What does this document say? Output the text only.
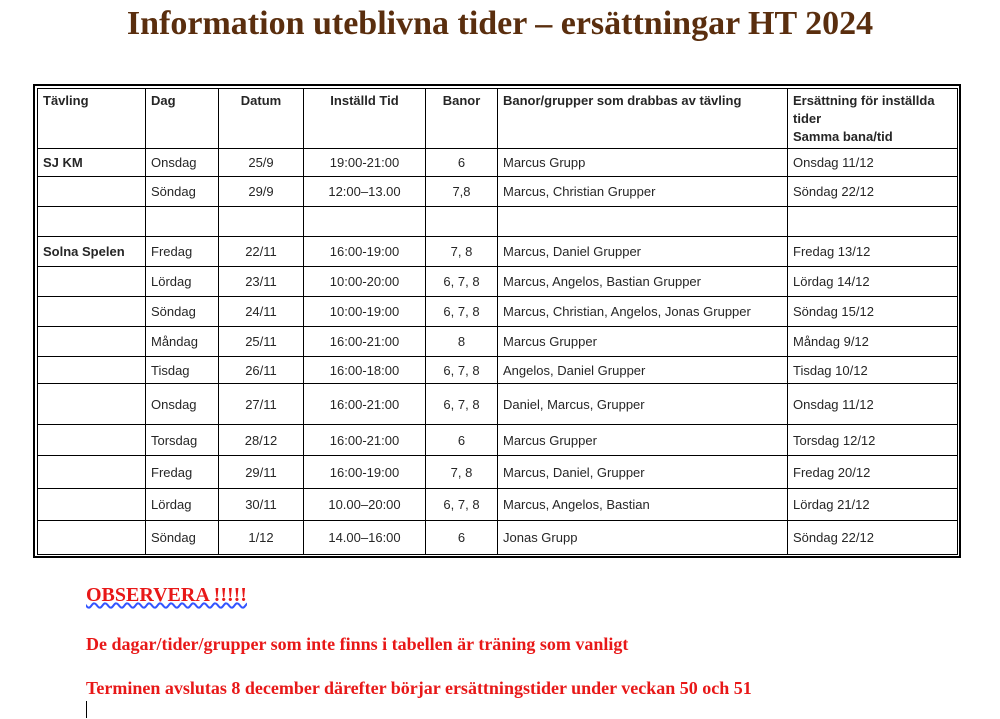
Information uteblivna tider – ersättningar HT 2024
Tävling	Dag	Datum	Inställd Tid	Banor	Banor/grupper som drabbas av tävling	Ersättning för inställda tider
Samma bana/tid

SJ KM	Onsdag	25/9	19:00-21:00	6	Marcus Grupp	Onsdag 11/12
	Söndag	29/9	12:00–13.00	7,8	Marcus, Christian Grupper	Söndag 22/12

Solna Spelen	Fredag	22/11	16:00-19:00	7, 8	Marcus, Daniel Grupper	Fredag 13/12
	Lördag	23/11	10:00-20:00	6, 7, 8	Marcus, Angelos, Bastian Grupper	Lördag 14/12
	Söndag	24/11	10:00-19:00	6, 7, 8	Marcus, Christian, Angelos, Jonas Grupper	Söndag 15/12
	Måndag	25/11	16:00-21:00	8	Marcus Grupper	Måndag 9/12
	Tisdag	26/11	16:00-18:00	6, 7, 8	Angelos, Daniel Grupper	Tisdag 10/12
	Onsdag	27/11	16:00-21:00	6, 7, 8	Daniel, Marcus, Grupper	Onsdag 11/12
	Torsdag	28/12	16:00-21:00	6	Marcus Grupper	Torsdag 12/12
	Fredag	29/11	16:00-19:00	7, 8	Marcus, Daniel, Grupper	Fredag 20/12
	Lördag	30/11	10.00–20:00	6, 7, 8	Marcus, Angelos, Bastian	Lördag 21/12
	Söndag	1/12	14.00–16:00	6	Jonas Grupp	Söndag 22/12

OBSERVERA !!!!!

De dagar/tider/grupper som inte finns i tabellen är träning som vanligt

Terminen avslutas 8 december därefter börjar ersättningstider under veckan 50 och 51
